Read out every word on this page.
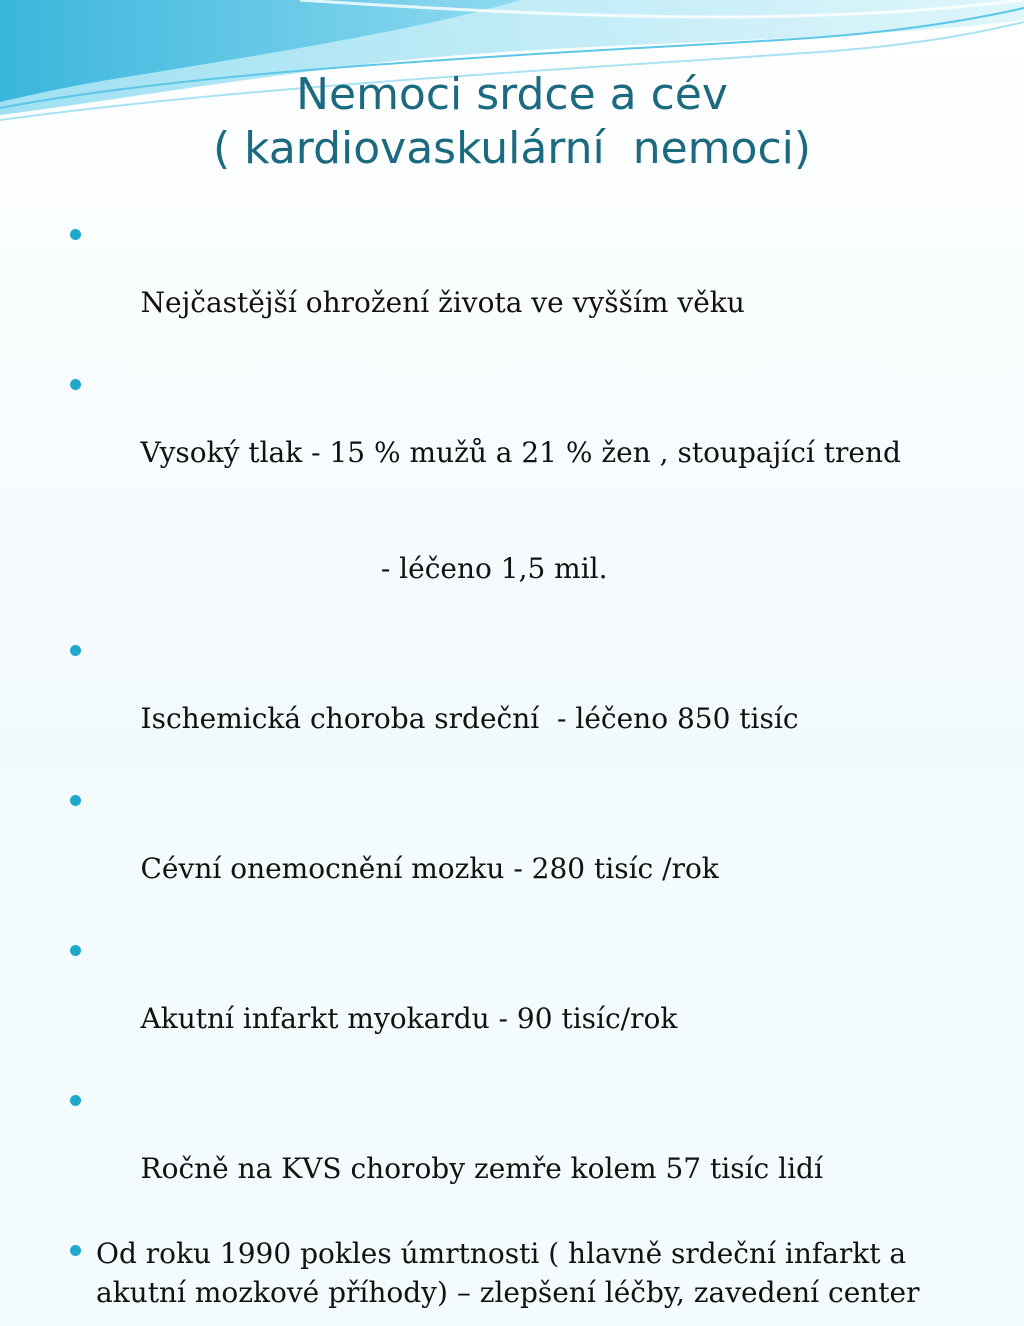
Nemoci srdce a cév
( kardiovaskulární  nemoci)

Nejčastější ohrožení života ve vyšším věku

Vysoký tlak - 15 % mužů a 21 % žen , stoupající trend

- léčeno 1,5 mil.

Ischemická choroba srdeční  - léčeno 850 tisíc

Cévní onemocnění mozku - 280 tisíc /rok

Akutní infarkt myokardu - 90 tisíc/rok

Ročně na KVS choroby zemře kolem 57 tisíc lidí

Od roku 1990 pokles úmrtnosti ( hlavně srdeční infarkt a akutní mozkové příhody) – zlepšení léčby, zavedení center
